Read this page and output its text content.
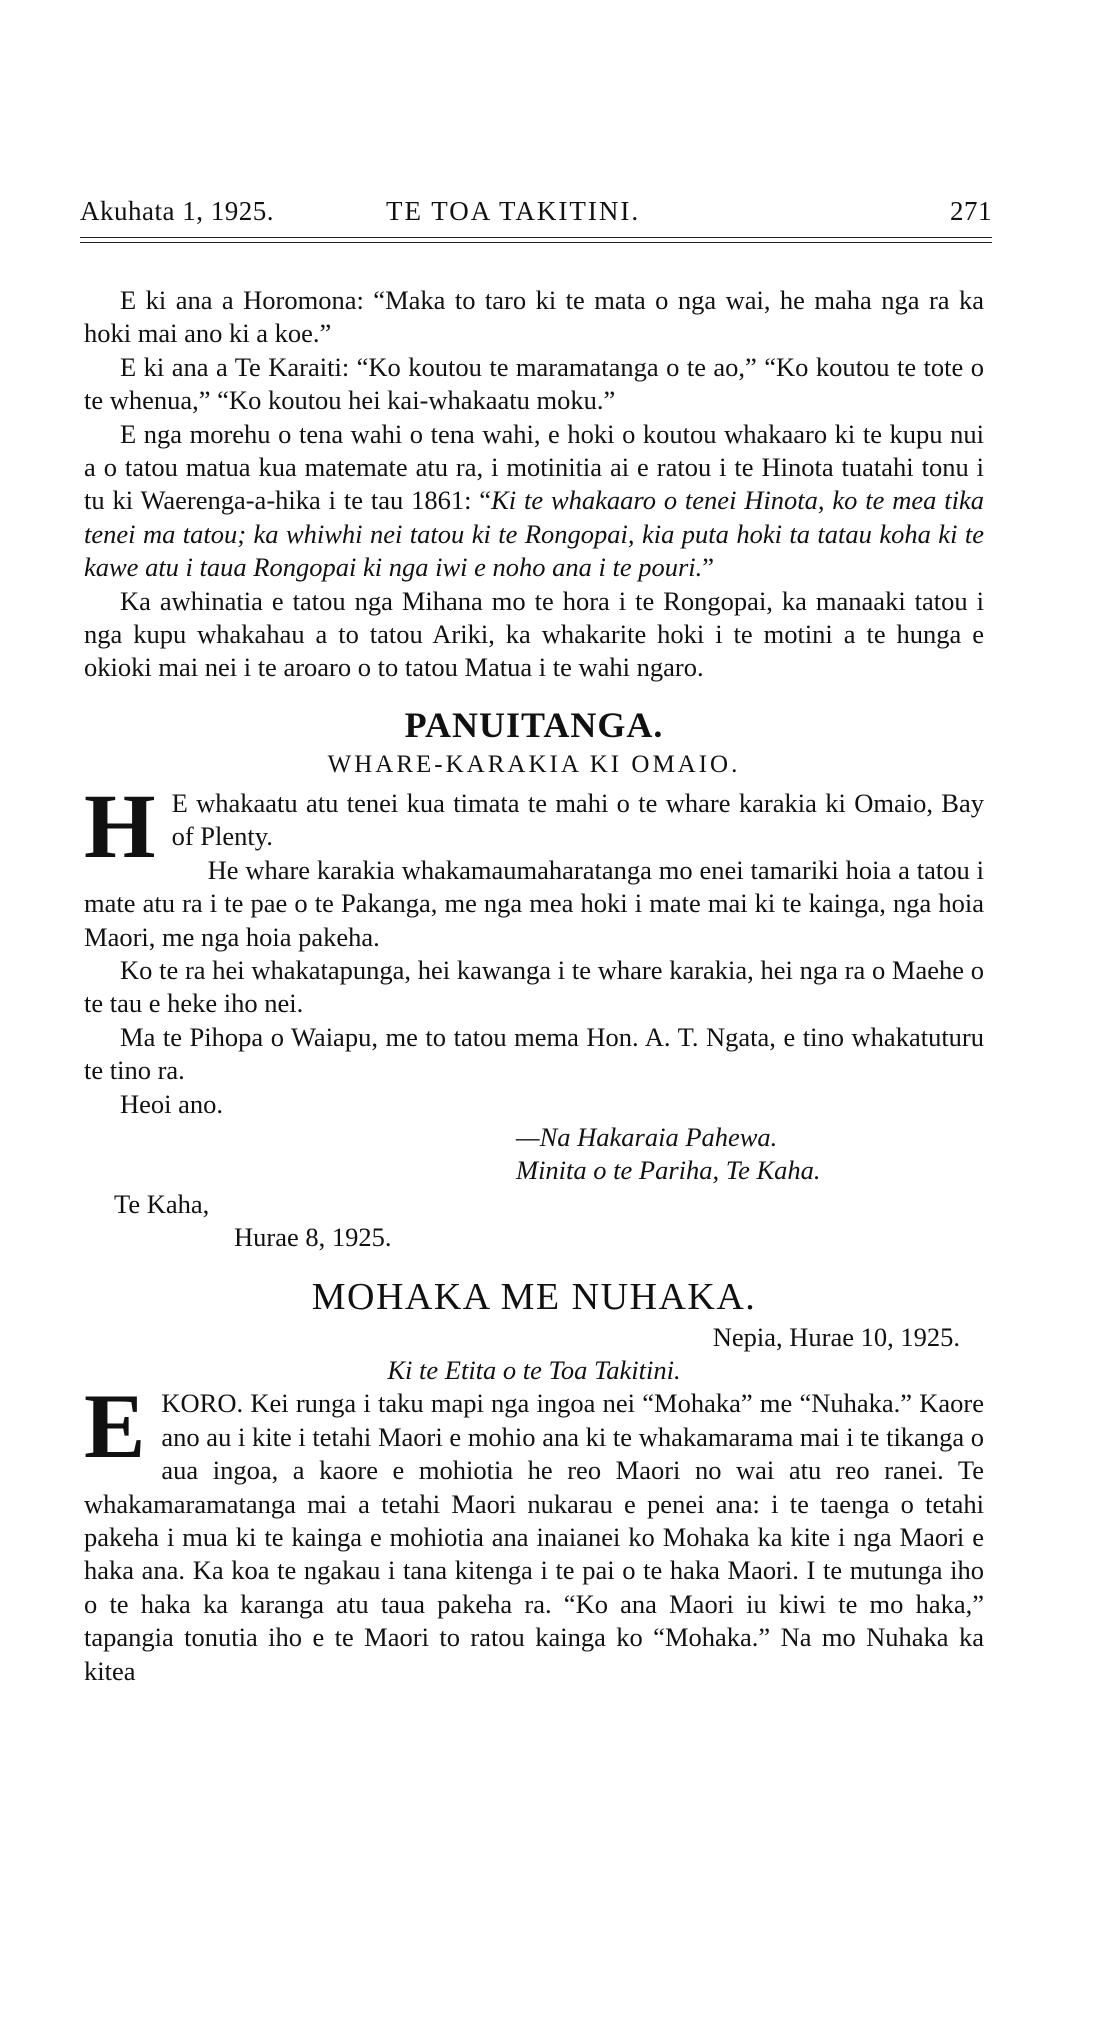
Akuhata 1, 1925.	TE TOA TAKITINI.	271

E ki ana a Horomona: “Maka to taro ki te mata o nga wai, he maha nga ra ka hoki mai ano ki a koe.”

E ki ana a Te Karaiti: “Ko koutou te maramatanga o te ao,” “Ko koutou te tote o te whenua,” “Ko koutou hei kai-whakaatu moku.”

E nga morehu o tena wahi o tena wahi, e hoki o koutou whakaaro ki te kupu nui a o tatou matua kua matemate atu ra, i motinitia ai e ratou i te Hinota tuatahi tonu i tu ki Waerenga-a-hika i te tau 1861: “Ki te whakaaro o tenei Hinota, ko te mea tika tenei ma tatou; ka whiwhi nei tatou ki te Rongopai, kia puta hoki ta tatau koha ki te kawe atu i taua Rongopai ki nga iwi e noho ana i te pouri.”

Ka awhinatia e tatou nga Mihana mo te hora i te Rongopai, ka manaaki tatou i nga kupu whakahau a to tatou Ariki, ka whakarite hoki i te motini a te hunga e okioki mai nei i te aroaro o to tatou Matua i te wahi ngaro.

PANUITANGA.
WHARE-KARAKIA KI OMAIO.

H E whakaatu atu tenei kua timata te mahi o te whare karakia ki Omaio, Bay of Plenty.

He whare karakia whakamaumaharatanga mo enei tamariki hoia a tatou i mate atu ra i te pae o te Pakanga, me nga mea hoki i mate mai ki te kainga, nga hoia Maori, me nga hoia pakeha.

Ko te ra hei whakatapunga, hei kawanga i te whare karakia, hei nga ra o Maehe o te tau e heke iho nei.

Ma te Pihopa o Waiapu, me to tatou mema Hon. A. T. Ngata, e tino whakatuturu te tino ra.

Heoi ano.

—Na Hakaraia Pahewa.

Minita o te Pariha, Te Kaha.

Te Kaha,

Hurae 8, 1925.

MOHAKA ME NUHAKA.

Nepia, Hurae 10, 1925.

Ki te Etita o te Toa Takitini.

EKORO. Kei runga i taku mapi nga ingoa nei “Mohaka” me “Nuhaka.” Kaore ano au i kite i tetahi Maori e mohio ana ki te whakamarama mai i te tikanga o aua ingoa, a kaore e mohiotia he reo Maori no wai atu reo ranei. Te whakamaramatanga mai a tetahi Maori nukarau e penei ana: i te taenga o tetahi pakeha i mua ki te kainga e mohiotia ana inaianei ko Mohaka ka kite i nga Maori e haka ana. Ka koa te ngakau i tana kitenga i te pai o te haka Maori. I te mutunga iho o te haka ka karanga atu taua pakeha ra. “Ko ana Maori iu kiwi te mo haka,” tapangia tonutia iho e te Maori to ratou kainga ko “Mohaka.” Na mo Nuhaka ka kitea
